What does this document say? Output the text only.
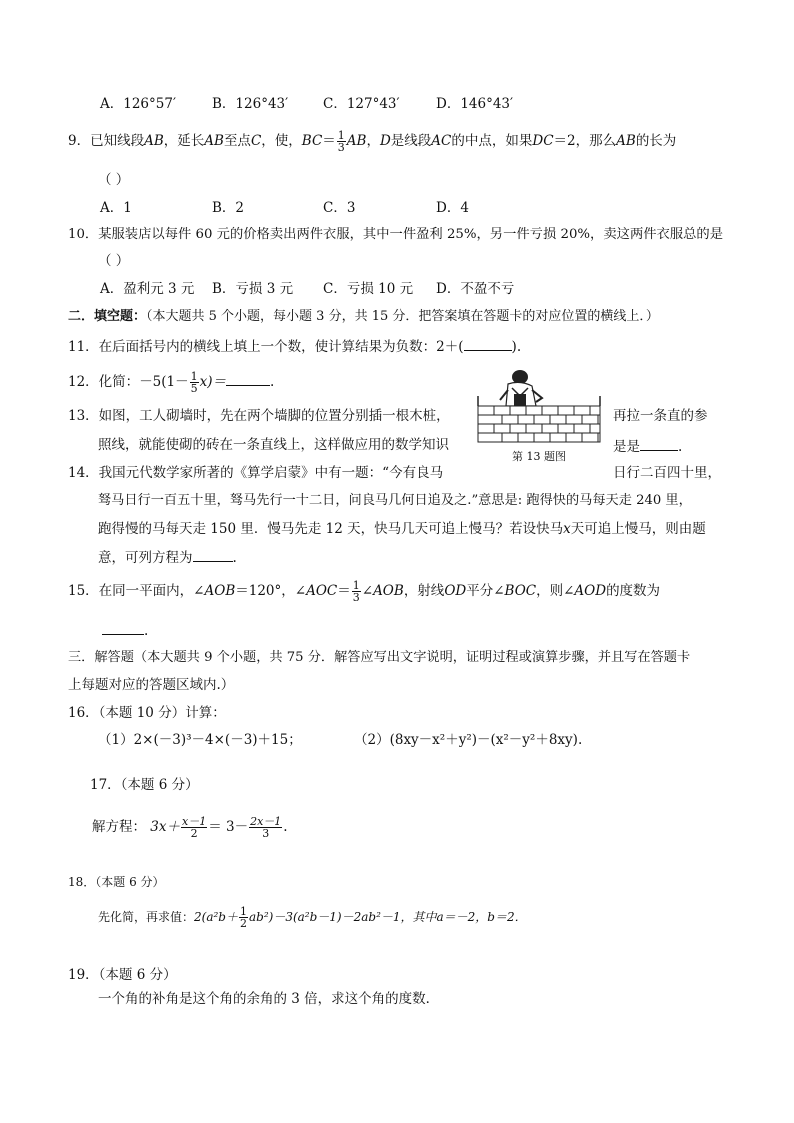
A．126°57′	B．126°43′	C．127°43′	D．146°43′
9．已知线段AB，延长AB至点C，使，$BC= \frac{1}{3}$ AB，D是线段AC的中点，如果DC＝2，那么AB的长为
（ ）
A．1	B．2	C．3	D．4
10．某服装店以每件 60 元的价格卖出两件衣服，其中一件盈利 25%，另一件亏损 20%，卖这两件衣服总的是
（ ）
A．盈利元 3 元 B．亏损 3 元 C．亏损 10 元 D．不盈不亏
二．填空题：（本大题共 5 个小题，每小题 3 分，共 15 分．把答案填在答题卡的对应位置的横线上．）
11．在后面括号内的横线上填上一个数，使计算结果为负数：2＋(	).
12．化简：$-5(1- \frac{1}{5} x)=$	.
第 13 题图
13．如图，工人砌墙时，先在两个墙脚的位置分别插一根木桩，	再拉一条直的参
照线，就能使砌的砖在一条直线上，这样做应用的数学知识	是是	.
14．我国元代数学家所著的《算学启蒙》中有一题：“今有良马	日行二百四十里，
驽马日行一百五十里，驽马先行一十二日，问良马几何日追及之.”意思是: 跑得快的马每天走 240 里，
跑得慢的马每天走 150 里．慢马先走 12 天，快马几天可追上慢马？若设快马x天可追上慢马，则由题
意，可列方程为	.
15．在同一平面内，∠AOB＝120°，∠AOC＝ $\frac{1}{3}$ ∠AOB，射线OD平分∠BOC，则∠AOD的度数为
.
三．解答题（本大题共 9 个小题，共 75 分．解答应写出文字说明，证明过程或演算步骤，并且写在答题卡
上每题对应的答题区域内.）
16．（本题 10 分）计算：
（1）2×(－3)³－4×(－3)＋15；	（2）(8xy－x²＋y²)－(x²－y²＋8xy).
17．（本题 6 分）
解方程： $3x+ \frac{x-1}{2} = 3- \frac{2x-1}{3}$ .
18．（本题 6 分）
先化简，再求值：$2(a^2b+ \frac{1}{2} ab^2)-3(a^2b-1)-2ab^2-1$，其中a＝－2，b＝2．
19．（本题 6 分）
一个角的补角是这个角的余角的 3 倍，求这个角的度数．
